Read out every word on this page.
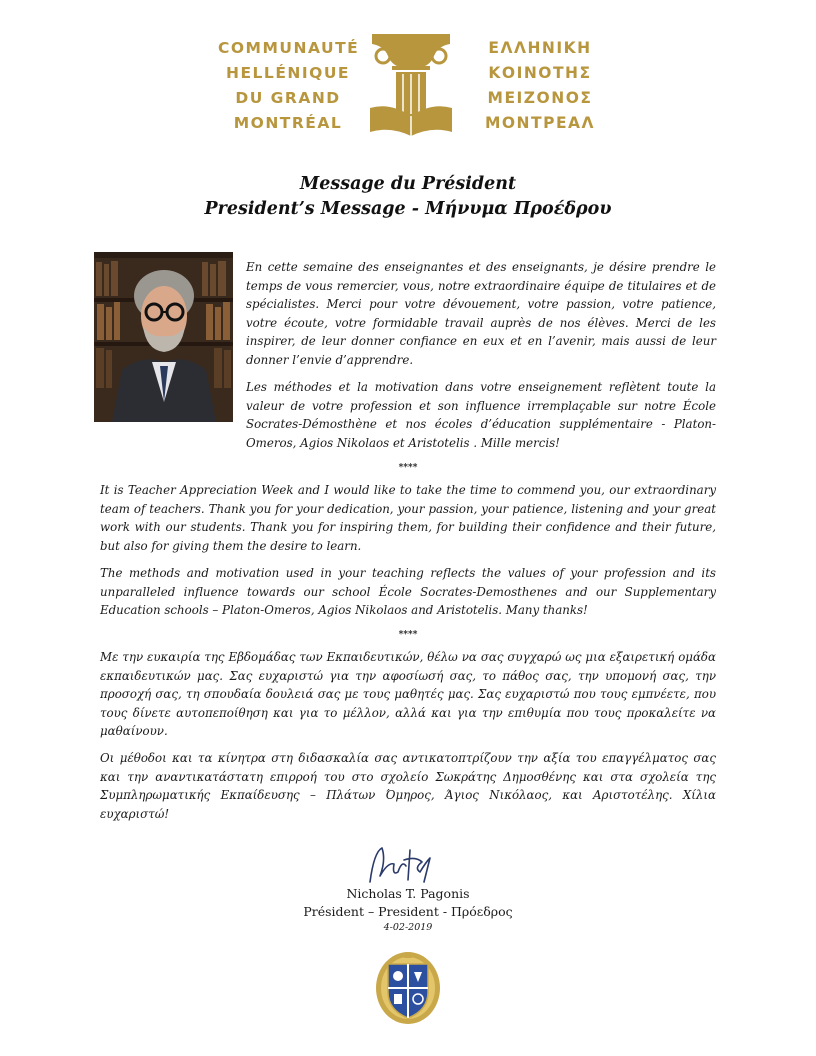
COMMUNAUTÉ
HELLÉNIQUE
DU GRAND
MONTRÉAL
ΕΛΛΗΝΙΚΗ
ΚΟΙΝΟΤΗΣ
ΜΕΙΖΟΝΟΣ
ΜΟΝΤΡΕΑΛ
Message du Président
President’s Message - Μήνυμα Προέδρου

En cette semaine des enseignantes et des enseignants, je désire prendre le temps de vous remercier, vous, notre extraordinaire équipe de titulaires et de spécialistes. Merci pour votre dévouement, votre passion, votre patience, votre écoute, votre formidable travail auprès de nos élèves. Merci de les inspirer, de leur donner confiance en eux et en l’avenir, mais aussi de leur donner l’envie d’apprendre.

Les méthodes et la motivation dans votre enseignement reflètent toute la valeur de votre profession et son influence irremplaçable sur notre École Socrates-Démosthène et nos écoles d’éducation supplémentaire - Platon-Omeros, Agios Nikolaos et Aristotelis . Mille mercis!

****

It is Teacher Appreciation Week and I would like to take the time to commend you, our extraordinary team of teachers. Thank you for your dedication, your passion, your patience, listening and your great work with our students. Thank you for inspiring them, for building their confidence and their future, but also for giving them the desire to learn.

The methods and motivation used in your teaching reflects the values of your profession and its unparalleled influence towards our school École Socrates-Demosthenes and our Supplementary Education schools – Platon-Omeros, Agios Nikolaos and Aristotelis. Many thanks!

****

Με την ευκαιρία της Εβδομάδας των Εκπαιδευτικών, θέλω να σας συγχαρώ ως μια εξαιρετική ομάδα εκπαιδευτικών μας. Σας ευχαριστώ για την αφοσίωσή σας, το πάθος σας, την υπομονή σας, την προσοχή σας, τη σπουδαία δουλειά σας με τους μαθητές μας. Σας ευχαριστώ που τους εμπνέετε, που τους δίνετε αυτοπεποίθηση και για το μέλλον, αλλά και για την επιθυμία που τους προκαλείτε να μαθαίνουν.

Οι μέθοδοι και τα κίνητρα στη διδασκαλία σας αντικατοπτρίζουν την αξία του επαγγέλματος σας και την αναντικατάστατη επιρροή του στο σχολείο Σωκράτης Δημοσθένης και στα σχολεία της Συμπληρωματικής Εκπαίδευσης – Πλάτων Όμηρος, Άγιος Νικόλαος, και Αριστοτέλης. Χίλια ευχαριστώ!

Nicholas T. Pagonis
Président – President - Πρόεδρος
4-02-2019
